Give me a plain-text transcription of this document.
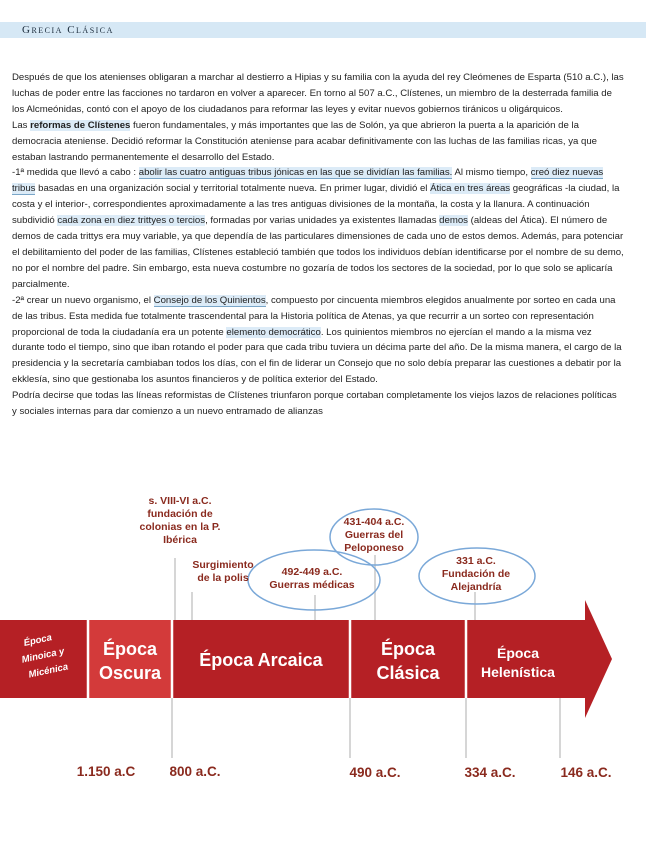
Grecia Clásica

Después de que los atenienses obligaran a marchar al destierro a Hipias y su familia con la ayuda del rey Cleómenes de Esparta (510 a.C.), las luchas de poder entre las facciones no tardaron en volver a aparecer. En torno al 507 a.C., Clístenes, un miembro de la desterrada familia de los Alcmeónidas, contó con el apoyo de los ciudadanos para reformar las leyes y evitar nuevos gobiernos tiránicos u oligárquicos.

Las reformas de Clístenes fueron fundamentales, y más importantes que las de Solón, ya que abrieron la puerta a la aparición de la democracia ateniense. Decidió reformar la Constitución ateniense para acabar definitivamente con las luchas de las familias ricas, ya que estaban lastrando permanentemente el desarrollo del Estado.

-1ª medida que llevó a cabo : abolir las cuatro antiguas tribus jónicas en las que se dividían las familias. Al mismo tiempo, creó diez nuevas tribus basadas en una organización social y territorial totalmente nueva. En primer lugar, dividió el Ática en tres áreas geográficas -la ciudad, la costa y el interior-, correspondientes aproximadamente a las tres antiguas divisiones de la montaña, la costa y la llanura. A continuación subdividió cada zona en diez trittyes o tercios, formadas por varias unidades ya existentes llamadas demos (aldeas del Ática). El número de demos de cada trittys era muy variable, ya que dependía de las particulares dimensiones de cada uno de estos demos. Además, para potenciar el debilitamiento del poder de las familias, Clístenes estableció también que todos los individuos debían identificarse por el nombre de su demo, no por el nombre del padre. Sin embargo, esta nueva costumbre no gozaría de todos los sectores de la sociedad, por lo que solo se aplicaría parcialmente.

-2ª crear un nuevo organismo, el Consejo de los Quinientos, compuesto por cincuenta miembros elegidos anualmente por sorteo en cada una de las tribus. Esta medida fue totalmente trascendental para la Historia política de Atenas, ya que recurrir a un sorteo con representación proporcional de toda la ciudadanía era un potente elemento democrático. Los quinientos miembros no ejercían el mando a la misma vez durante todo el tiempo, sino que iban rotando el poder para que cada tribu tuviera un décima parte del año. De la misma manera, el cargo de la presidencia y la secretaría cambiaban todos los días, con el fin de liderar un Consejo que no solo debía preparar las cuestiones a debatir por la ekklesía, sino que gestionaba los asuntos financieros y de política exterior del Estado.

Podría decirse que todas las líneas reformistas de Clístenes triunfaron porque cortaban completamente los viejos lazos de relaciones políticas y sociales internas para dar comienzo a un nuevo entramado de alianzas

s. VIII-VI a.C.
fundación de
colonias en la P.
Ibérica
Surgimiento
de la polis	492-449 a.C.
Guerras médicas
431-404 a.C.
Guerras del
Peloponeso
331 a.C.
Fundación de
Alejandría
Época
Minoica y
Micénica
Época
Oscura
Época Arcaica
Época
Clásica
Época
Helenística
1.150 a.C	800 a.C.	490 a.C.	334 a.C.	146 a.C.
